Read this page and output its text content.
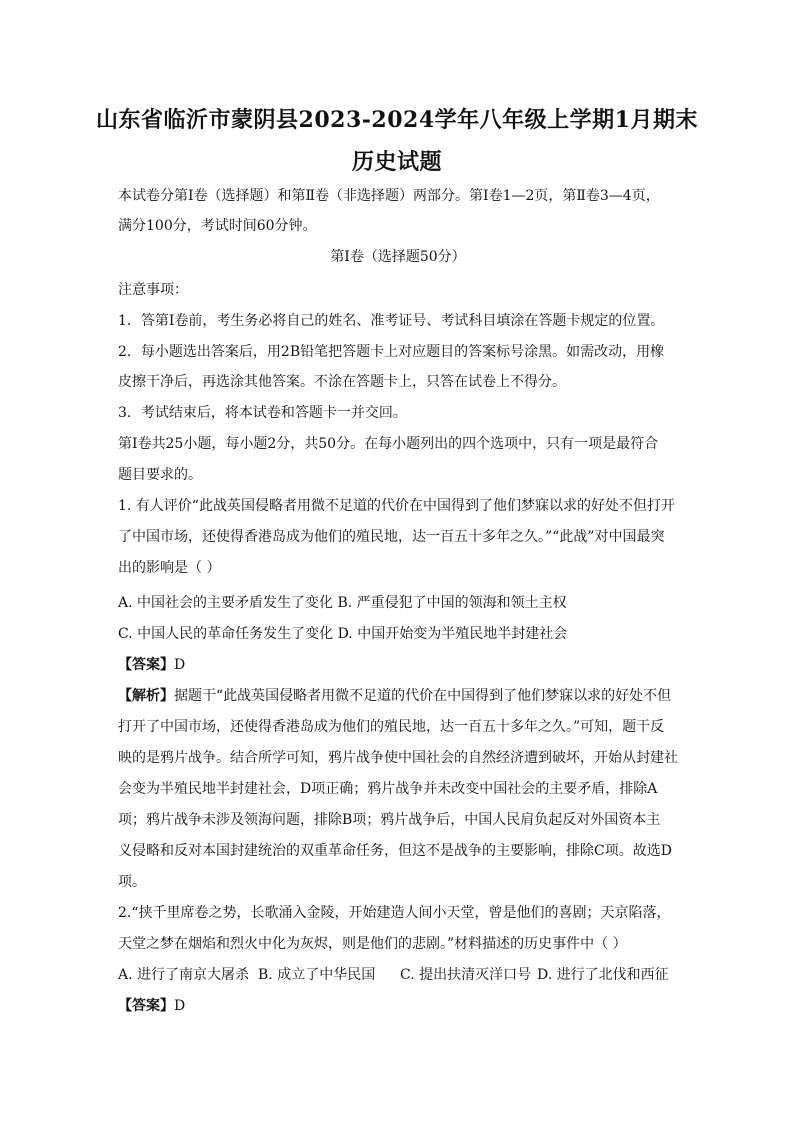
山东省临沂市蒙阴县2023-2024学年八年级上学期1月期末
历史试题
本试卷分第Ⅰ卷（选择题）和第Ⅱ卷（非选择题）两部分。第Ⅰ卷1—2页，第Ⅱ卷3—4页，
满分100分，考试时间60分钟。
第Ⅰ卷（选择题50分）
注意事项：
1．答第Ⅰ卷前，考生务必将自己的姓名、准考证号、考试科目填涂在答题卡规定的位置。
2．每小题选出答案后，用2B铅笔把答题卡上对应题目的答案标号涂黑。如需改动，用橡
皮擦干净后，再选涂其他答案。不涂在答题卡上，只答在试卷上不得分。
3．考试结束后，将本试卷和答题卡一并交回。
第Ⅰ卷共25小题，每小题2分，共50分。在每小题列出的四个选项中，只有一项是最符合
题目要求的。
1. 有人评价“此战英国侵略者用微不足道的代价在中国得到了他们梦寐以求的好处不但打开
了中国市场，还使得香港岛成为他们的殖民地，达一百五十多年之久。”“此战”对中国最突
出的影响是（ ）
A. 中国社会的主要矛盾发生了变化 B. 严重侵犯了中国的领海和领土主权
C. 中国人民的革命任务发生了变化 D. 中国开始变为半殖民地半封建社会
【答案】D
【解析】据题干“此战英国侵略者用微不足道的代价在中国得到了他们梦寐以求的好处不但
打开了中国市场，还使得香港岛成为他们的殖民地，达一百五十多年之久。”可知，题干反
映的是鸦片战争。结合所学可知，鸦片战争使中国社会的自然经济遭到破坏，开始从封建社
会变为半殖民地半封建社会，D项正确；鸦片战争并未改变中国社会的主要矛盾，排除A
项；鸦片战争未涉及领海问题，排除B项；鸦片战争后，中国人民肩负起反对外国资本主
义侵略和反对本国封建统治的双重革命任务，但这不是战争的主要影响，排除C项。故选D
项。
2.“挟千里席卷之势，长歌涌入金陵，开始建造人间小天堂，曾是他们的喜剧；天京陷落，
天堂之梦在烟焰和烈火中化为灰烬，则是他们的悲剧。”材料描述的历史事件中（ ）
A. 进行了南京大屠杀 B. 成立了中华民国 C. 提出扶清灭洋口号 D. 进行了北伐和西征
【答案】D
